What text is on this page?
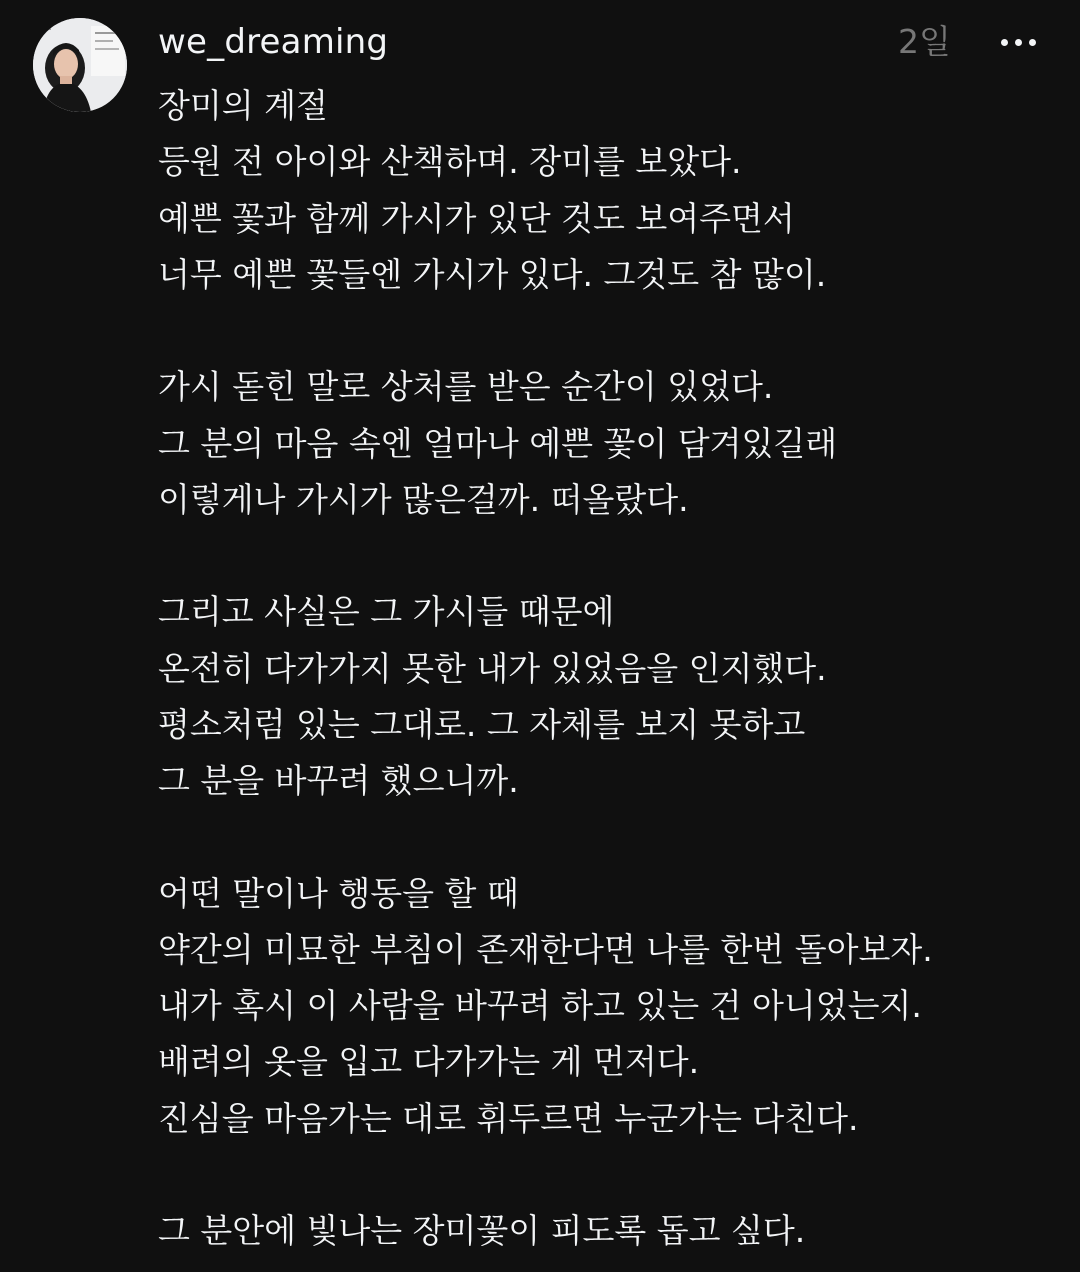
we_dreaming	2일
장미의 계절
등원 전 아이와 산책하며. 장미를 보았다.
예쁜 꽃과 함께 가시가 있단 것도 보여주면서
너무 예쁜 꽃들엔 가시가 있다. 그것도 참 많이.
가시 돋힌 말로 상처를 받은 순간이 있었다.
그 분의 마음 속엔 얼마나 예쁜 꽃이 담겨있길래
이렇게나 가시가 많은걸까. 떠올랐다.
그리고 사실은 그 가시들 때문에
온전히 다가가지 못한 내가 있었음을 인지했다.
평소처럼 있는 그대로. 그 자체를 보지 못하고
그 분을 바꾸려 했으니까.
어떤 말이나 행동을 할 때
약간의 미묘한 부침이 존재한다면 나를 한번 돌아보자.
내가 혹시 이 사람을 바꾸려 하고 있는 건 아니었는지.
배려의 옷을 입고 다가가는 게 먼저다.
진심을 마음가는 대로 휘두르면 누군가는 다친다.
그 분안에 빛나는 장미꽃이 피도록 돕고 싶다.
